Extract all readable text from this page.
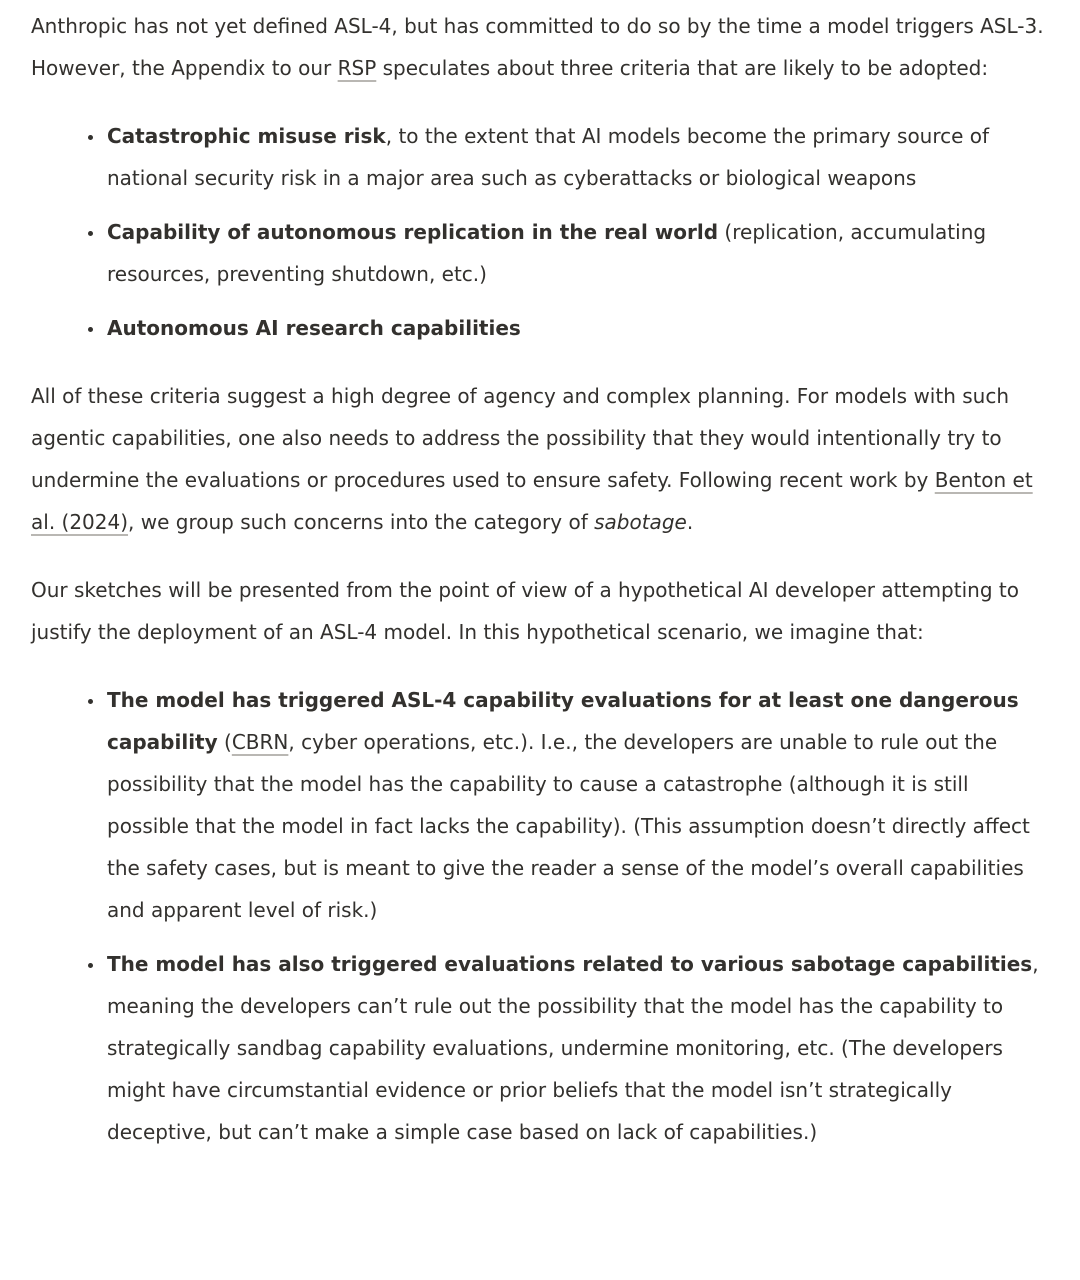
Anthropic has not yet defined ASL-4, but has committed to do so by the time a model triggers ASL-3. However, the Appendix to our RSP speculates about three criteria that are likely to be adopted:

• Catastrophic misuse risk, to the extent that AI models become the primary source of national security risk in a major area such as cyberattacks or biological weapons
• Capability of autonomous replication in the real world (replication, accumulating resources, preventing shutdown, etc.)
• Autonomous AI research capabilities

All of these criteria suggest a high degree of agency and complex planning. For models with such agentic capabilities, one also needs to address the possibility that they would intentionally try to undermine the evaluations or procedures used to ensure safety. Following recent work by Benton et al. (2024), we group such concerns into the category of sabotage.

Our sketches will be presented from the point of view of a hypothetical AI developer attempting to justify the deployment of an ASL-4 model. In this hypothetical scenario, we imagine that:

• The model has triggered ASL-4 capability evaluations for at least one dangerous capability (CBRN, cyber operations, etc.). I.e., the developers are unable to rule out the possibility that the model has the capability to cause a catastrophe (although it is still possible that the model in fact lacks the capability). (This assumption doesn’t directly affect the safety cases, but is meant to give the reader a sense of the model’s overall capabilities and apparent level of risk.)
• The model has also triggered evaluations related to various sabotage capabilities, meaning the developers can’t rule out the possibility that the model has the capability to strategically sandbag capability evaluations, undermine monitoring, etc. (The developers might have circumstantial evidence or prior beliefs that the model isn’t strategically deceptive, but can’t make a simple case based on lack of capabilities.)
